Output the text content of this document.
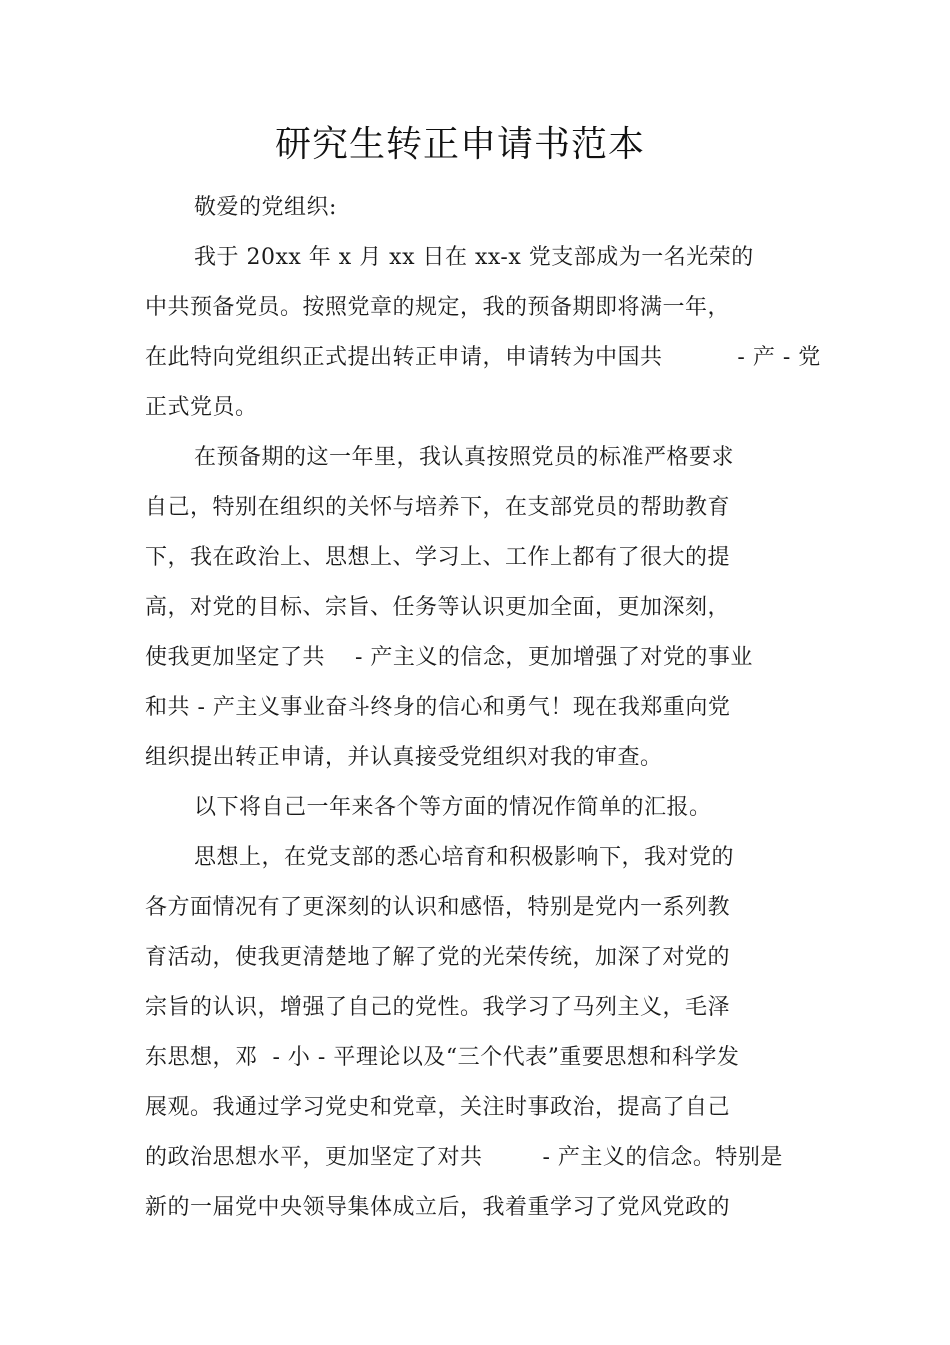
研究生转正申请书范本
敬爱的党组织:
我于 20xx 年 x 月 xx 日在 xx-x 党支部成为一名光荣的
中共预备党员。按照党章的规定，我的预备期即将满一年，
在此特向党组织正式提出转正申请，申请转为中国共          - 产 - 党
正式党员。
在预备期的这一年里，我认真按照党员的标准严格要求
自己，特别在组织的关怀与培养下，在支部党员的帮助教育
下，我在政治上、思想上、学习上、工作上都有了很大的提
高，对党的目标、宗旨、任务等认识更加全面，更加深刻，
使我更加坚定了共    - 产主义的信念，更加增强了对党的事业
和共 - 产主义事业奋斗终身的信心和勇气！现在我郑重向党
组织提出转正申请，并认真接受党组织对我的审查。
以下将自己一年来各个等方面的情况作简单的汇报。
思想上，在党支部的悉心培育和积极影响下，我对党的
各方面情况有了更深刻的认识和感悟，特别是党内一系列教
育活动，使我更清楚地了解了党的光荣传统，加深了对党的
宗旨的认识，增强了自己的党性。我学习了马列主义，毛泽
东思想，邓  - 小 - 平理论以及“三个代表”重要思想和科学发
展观。我通过学习党史和党章，关注时事政治，提高了自己
的政治思想水平，更加坚定了对共        - 产主义的信念。特别是
新的一届党中央领导集体成立后，我着重学习了党风党政的
